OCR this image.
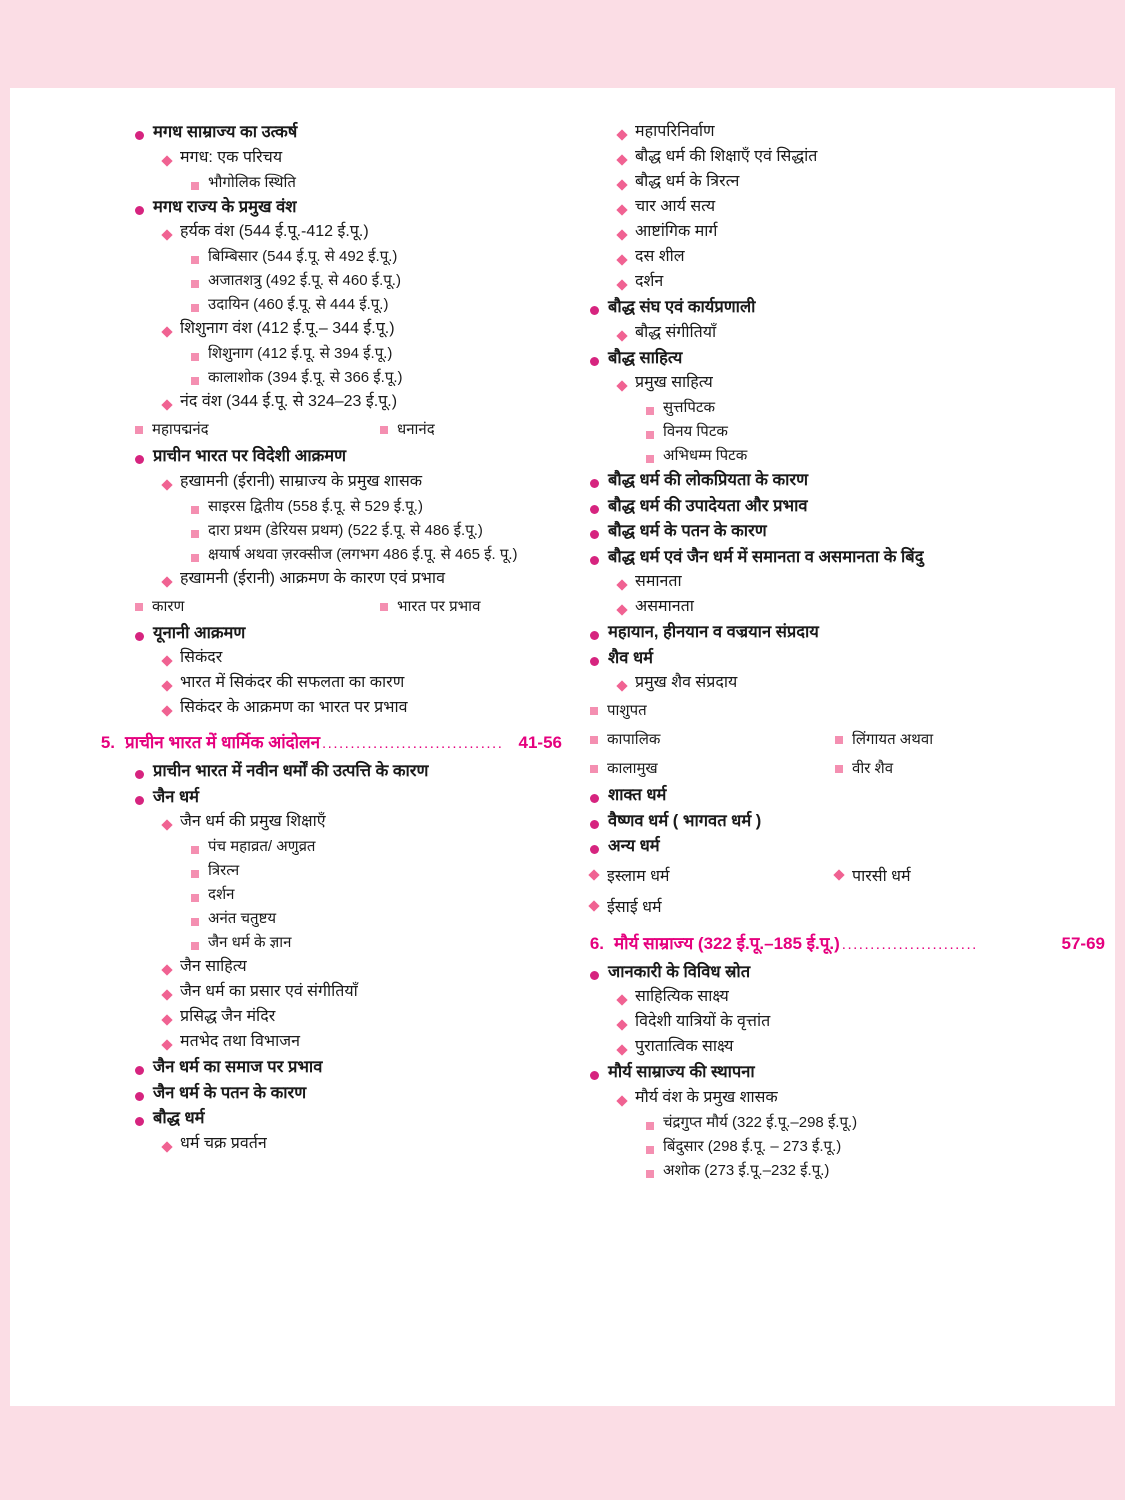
मगध साम्राज्य का उत्कर्ष
मगध: एक परिचय
भौगोलिक स्थिति
मगध राज्य के प्रमुख वंश
हर्यक वंश (544 ई.पू.-412 ई.पू.)
बिम्बिसार (544 ई.पू. से 492 ई.पू.)
अजातशत्रु (492 ई.पू. से 460 ई.पू.)
उदायिन (460 ई.पू. से 444 ई.पू.)
शिशुनाग वंश (412 ई.पू.– 344 ई.पू.)
शिशुनाग (412 ई.पू. से 394 ई.पू.)
कालाशोक (394 ई.पू. से 366 ई.पू.)
नंद वंश (344 ई.पू. से 324–23 ई.पू.)
महापद्मनंद	धनानंद
प्राचीन भारत पर विदेशी आक्रमण
हखामनी (ईरानी) साम्राज्य के प्रमुख शासक
साइरस द्वितीय (558 ई.पू. से 529 ई.पू.)
दारा प्रथम (डेरियस प्रथम) (522 ई.पू. से 486 ई.पू.)
क्षयार्ष अथवा ज़रक्सीज (लगभग 486 ई.पू. से 465 ई. पू.)
हखामनी (ईरानी) आक्रमण के कारण एवं प्रभाव
कारण	भारत पर प्रभाव
यूनानी आक्रमण
सिकंदर
भारत में सिकंदर की सफलता का कारण
सिकंदर के आक्रमण का भारत पर प्रभाव
5. प्राचीन भारत में धार्मिक आंदोलन ................................ 41-56
प्राचीन भारत में नवीन धर्मों की उत्पत्ति के कारण
जैन धर्म
जैन धर्म की प्रमुख शिक्षाएँ
पंच महाव्रत/ अणुव्रत
त्रिरत्न
दर्शन
अनंत चतुष्टय
जैन धर्म के ज्ञान
जैन साहित्य
जैन धर्म का प्रसार एवं संगीतियाँ
प्रसिद्ध जैन मंदिर
मतभेद तथा विभाजन
जैन धर्म का समाज पर प्रभाव
जैन धर्म के पतन के कारण
बौद्ध धर्म
धर्म चक्र प्रवर्तन
महापरिनिर्वाण
बौद्ध धर्म की शिक्षाएँ एवं सिद्धांत
बौद्ध धर्म के त्रिरत्न
चार आर्य सत्य
आष्टांगिक मार्ग
दस शील
दर्शन
बौद्ध संघ एवं कार्यप्रणाली
बौद्ध संगीतियाँ
बौद्ध साहित्य
प्रमुख साहित्य
सुत्तपिटक
विनय पिटक
अभिधम्म पिटक
बौद्ध धर्म की लोकप्रियता के कारण
बौद्ध धर्म की उपादेयता और प्रभाव
बौद्ध धर्म के पतन के कारण
बौद्ध धर्म एवं जैन धर्म में समानता व असमानता के बिंदु
समानता
असमानता
महायान, हीनयान व वज्रयान संप्रदाय
शैव धर्म
प्रमुख शैव संप्रदाय
पाशुपत
कापालिक	लिंगायत अथवा
कालामुख	वीर शैव
शाक्त धर्म
वैष्णव धर्म ( भागवत धर्म )
अन्य धर्म
इस्लाम धर्म	पारसी धर्म
ईसाई धर्म
6. मौर्य साम्राज्य (322 ई.पू.–185 ई.पू.) ........................	57-69
जानकारी के विविध स्रोत
साहित्यिक साक्ष्य
विदेशी यात्रियों के वृत्तांत
पुरातात्विक साक्ष्य
मौर्य साम्राज्य की स्थापना
मौर्य वंश के प्रमुख शासक
चंद्रगुप्त मौर्य (322 ई.पू.–298 ई.पू.)
बिंदुसार (298 ई.पू. – 273 ई.पू.)
अशोक (273 ई.पू.–232 ई.पू.)
